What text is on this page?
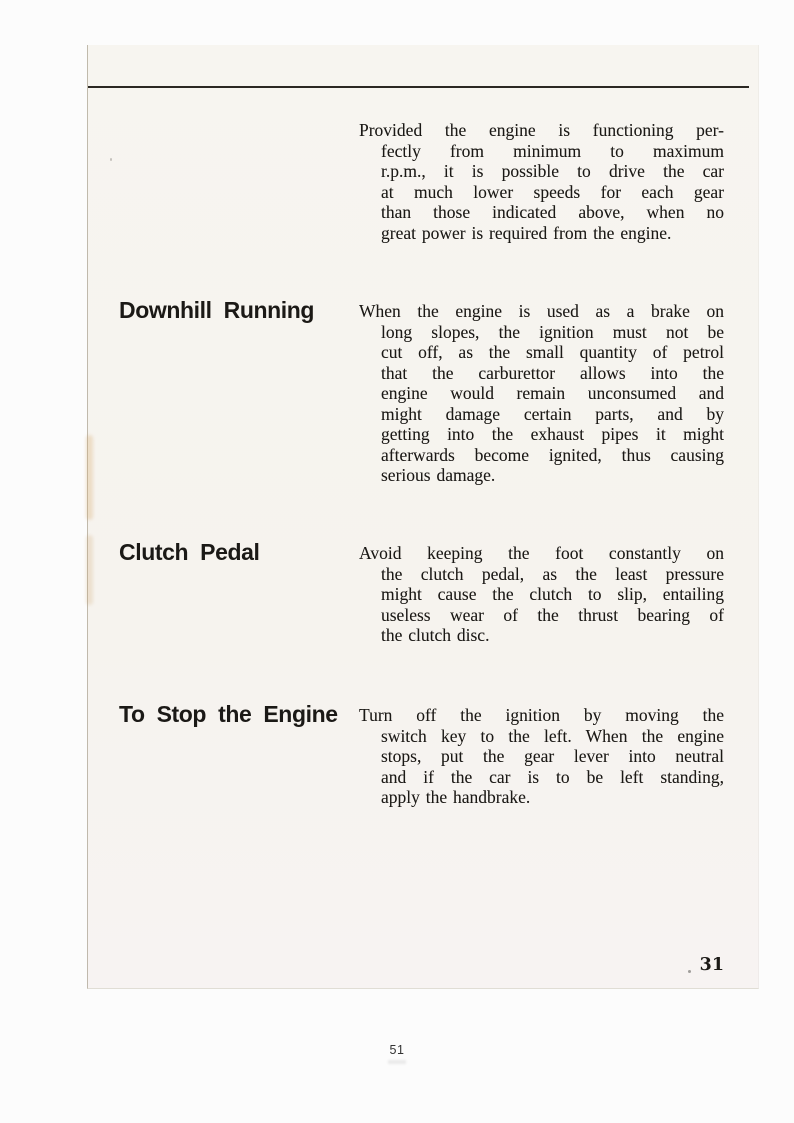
Provided the engine is functioning per-
fectly from minimum to maximum
r.p.m., it is possible to drive the car
at much lower speeds for each gear
than those indicated above, when no
great power is required from the engine.
Downhill Running	When the engine is used as a brake on
long slopes, the ignition must not be
cut off, as the small quantity of petrol
that the carburettor allows into the
engine would remain unconsumed and
might damage certain parts, and by
getting into the exhaust pipes it might
afterwards become ignited, thus causing
serious damage.
Clutch Pedal	Avoid keeping the foot constantly on
the clutch pedal, as the least pressure
might cause the clutch to slip, entailing
useless wear of the thrust bearing of
the clutch disc.
To Stop the Engine Turn off the ignition by moving the
switch key to the left. When the engine
stops, put the gear lever into neutral
and if the car is to be left standing,
apply the handbrake.
31
51
